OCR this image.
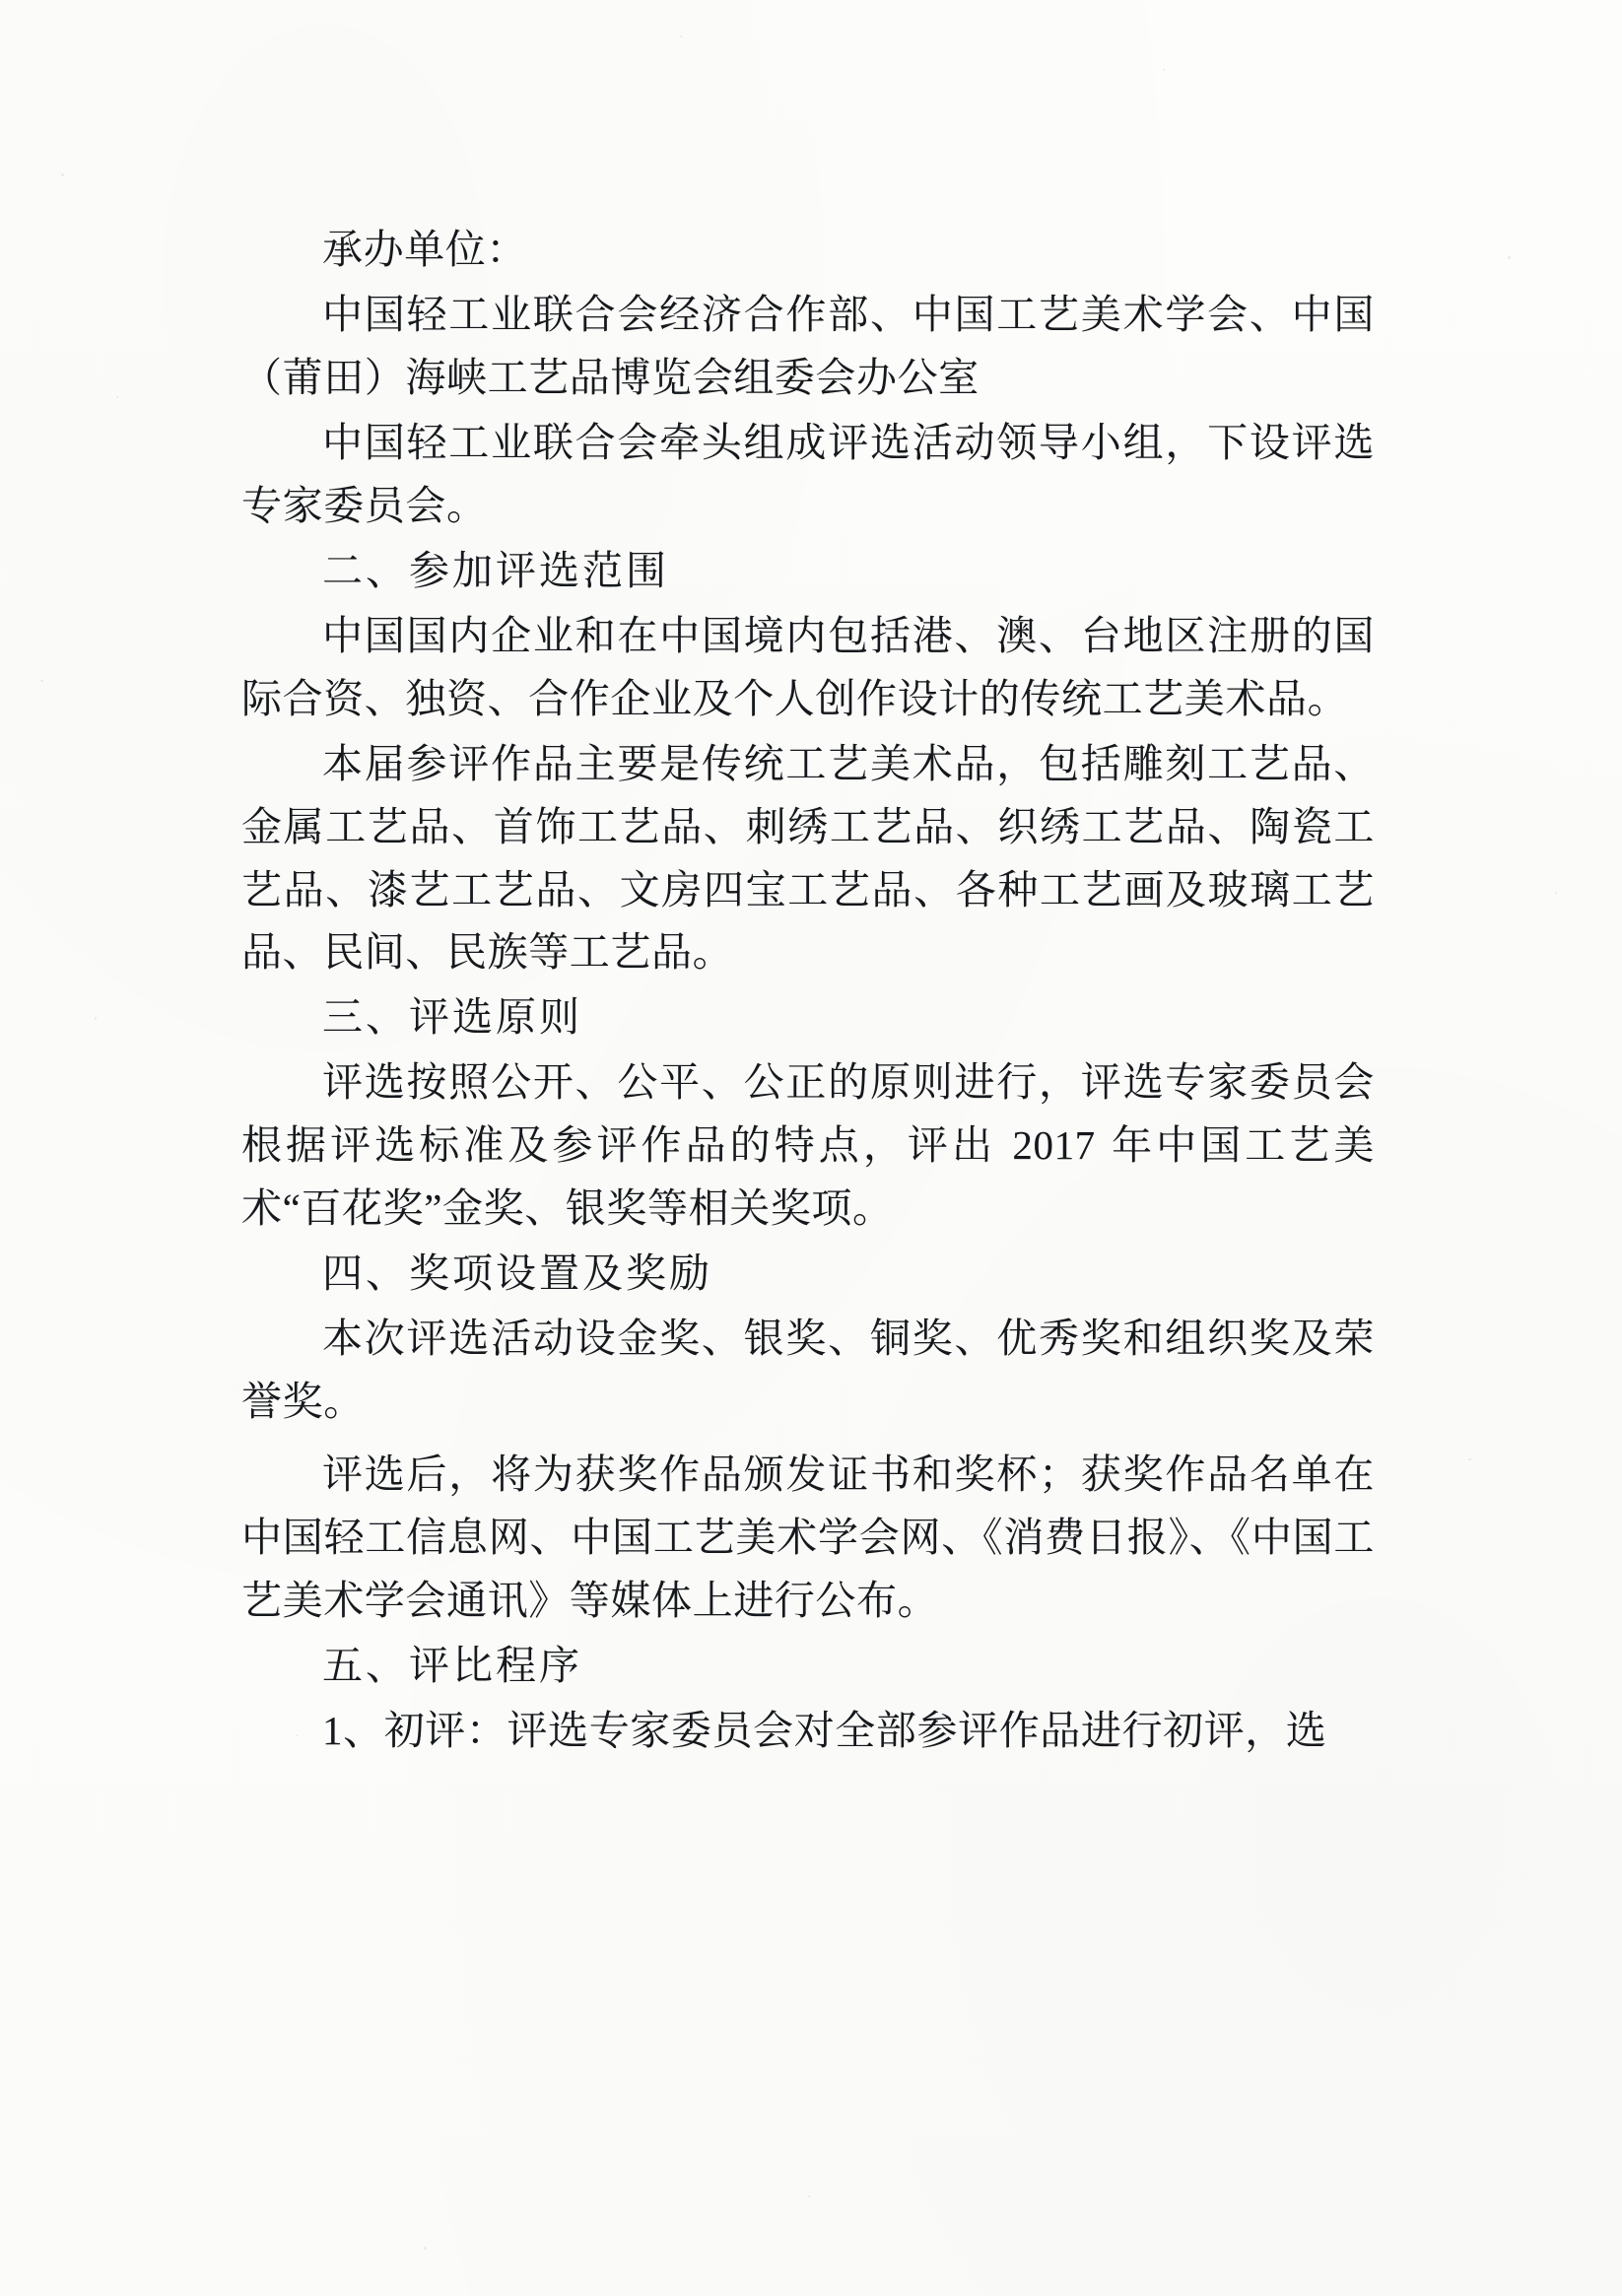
承办单位：

中国轻工业联合会经济合作部、中国工艺美术学会、中国（莆田）海峡工艺品博览会组委会办公室

中国轻工业联合会牵头组成评选活动领导小组，下设评选专家委员会。

二、参加评选范围

中国国内企业和在中国境内包括港、澳、台地区注册的国际合资、独资、合作企业及个人创作设计的传统工艺美术品。

本届参评作品主要是传统工艺美术品，包括雕刻工艺品、金属工艺品、首饰工艺品、刺绣工艺品、织绣工艺品、陶瓷工艺品、漆艺工艺品、文房四宝工艺品、各种工艺画及玻璃工艺品、民间、民族等工艺品。

三、评选原则

评选按照公开、公平、公正的原则进行，评选专家委员会根据评选标准及参评作品的特点，评出 2017 年中国工艺美术“百花奖”金奖、银奖等相关奖项。

四、奖项设置及奖励

本次评选活动设金奖、银奖、铜奖、优秀奖和组织奖及荣誉奖。

评选后，将为获奖作品颁发证书和奖杯；获奖作品名单在中国轻工信息网、中国工艺美术学会网、《消费日报》、《中国工艺美术学会通讯》等媒体上进行公布。

五、评比程序

1、初评：评选专家委员会对全部参评作品进行初评，选
